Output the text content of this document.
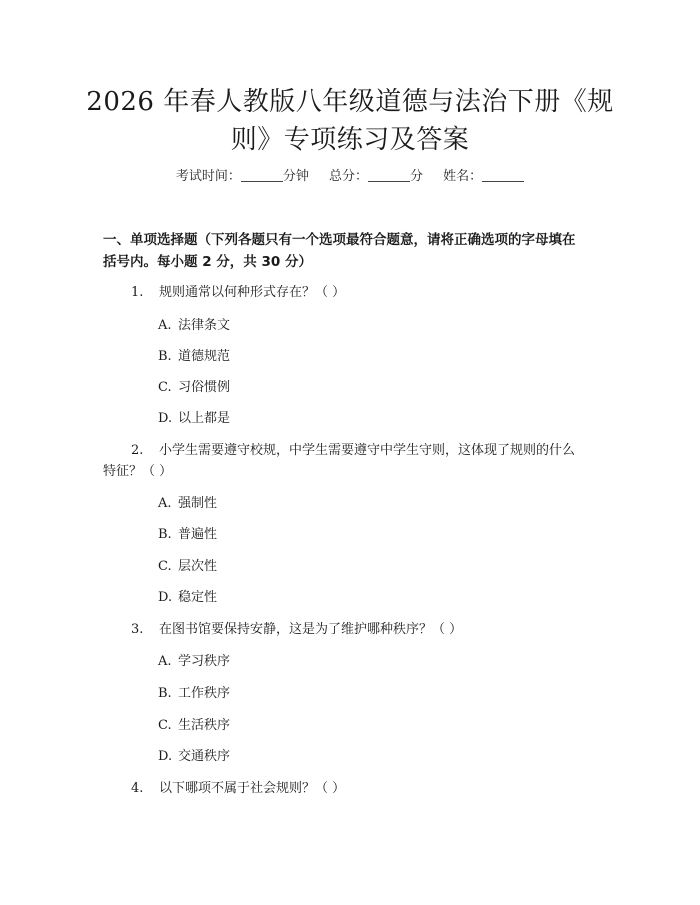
2026 年春人教版八年级道德与法治下册《规
则》专项练习及答案
考试时间：	分钟 总分：	分 姓名：
一、单项选择题（下列各题只有一个选项最符合题意，请将正确选项的字母填在
括号内。每小题 2 分，共 30 分）
1. 规则通常以何种形式存在？（ ）
A. 法律条文
B. 道德规范
C. 习俗惯例
D. 以上都是
2. 小学生需要遵守校规，中学生需要遵守中学生守则，这体现了规则的什么
特征？（ ）
A. 强制性
B. 普遍性
C. 层次性
D. 稳定性
3. 在图书馆要保持安静，这是为了维护哪种秩序？（ ）
A. 学习秩序
B. 工作秩序
C. 生活秩序
D. 交通秩序
4. 以下哪项不属于社会规则？（ ）
